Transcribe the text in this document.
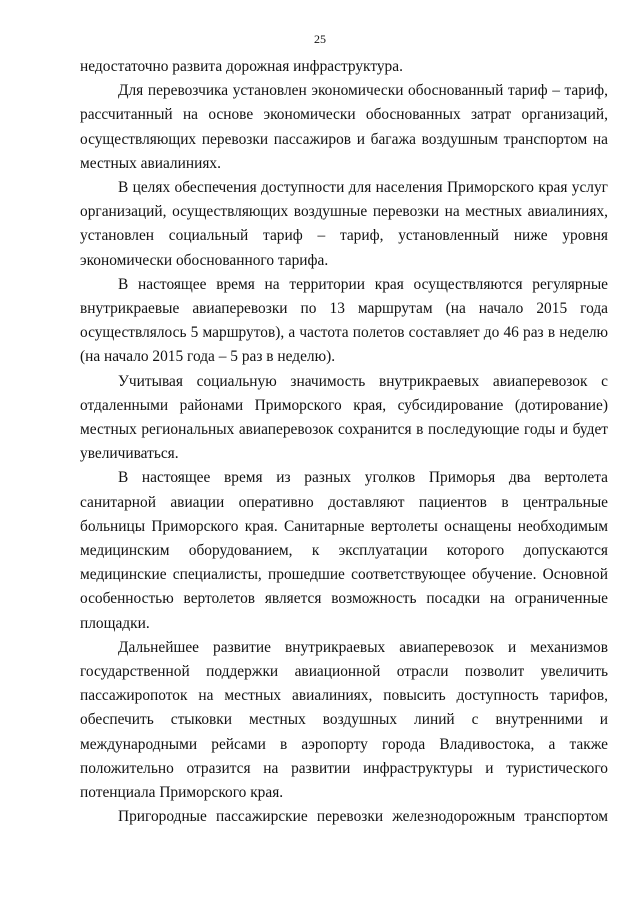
25

недостаточно развита дорожная инфраструктура.

Для перевозчика установлен экономически обоснованный тариф – тариф, рассчитанный на основе экономически обоснованных затрат организаций, осуществляющих перевозки пассажиров и багажа воздушным транспортом на местных авиалиниях.

В целях обеспечения доступности для населения Приморского края услуг организаций, осуществляющих воздушные перевозки на местных авиалиниях, установлен социальный тариф – тариф, установленный ниже уровня экономически обоснованного тарифа.

В настоящее время на территории края осуществляются регулярные внутрикраевые авиаперевозки по 13 маршрутам (на начало 2015 года осуществлялось 5 маршрутов), а частота полетов составляет до 46 раз в неделю (на начало 2015 года – 5 раз в неделю).

Учитывая социальную значимость внутрикраевых авиаперевозок с отдаленными районами Приморского края, субсидирование (дотирование) местных региональных авиаперевозок сохранится в последующие годы и будет увеличиваться.

В настоящее время из разных уголков Приморья два вертолета санитарной авиации оперативно доставляют пациентов в центральные больницы Приморского края. Санитарные вертолеты оснащены необходимым медицинским оборудованием, к эксплуатации которого допускаются медицинские специалисты, прошедшие соответствующее обучение. Основной особенностью вертолетов является возможность посадки на ограниченные площадки.

Дальнейшее развитие внутрикраевых авиаперевозок и механизмов государственной поддержки авиационной отрасли позволит увеличить пассажиропоток на местных авиалиниях, повысить доступность тарифов, обеспечить стыковки местных воздушных линий с внутренними и международными рейсами в аэропорту города Владивостока, а также положительно отразится на развитии инфраструктуры и туристического потенциала Приморского края.

Пригородные пассажирские перевозки железнодорожным транспортом
